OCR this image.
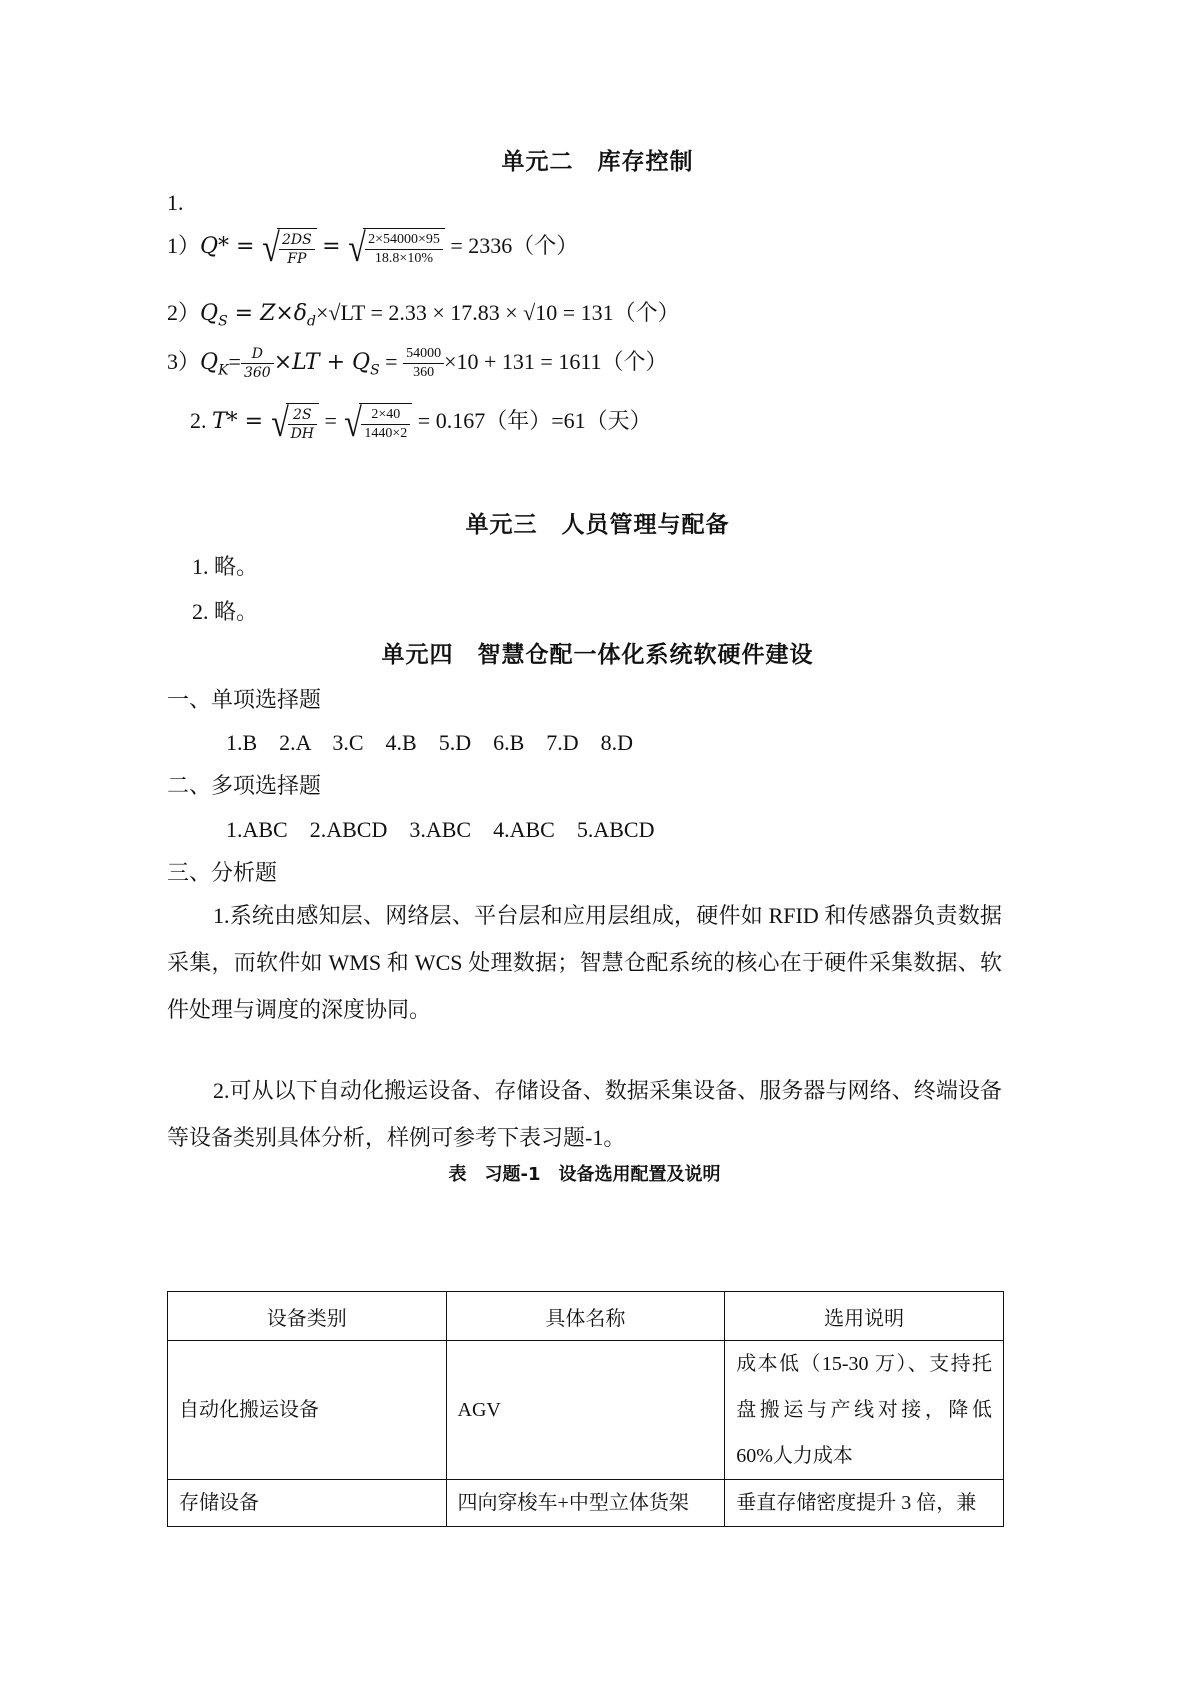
单元二　库存控制
1.
1）Q* = √ $\frac{2DS}{FP}$ = √ $\frac{2\times 54000\times 95}{18.8\times 10\%} = 2336$（个）
$2)Q_S = Z\times\delta_d\times√LT = 2.33 \times 17.83 \times √10 = 131$（个）
$3)Q_K= \frac{D}{360} \times LT + Q_S = \frac{54000}{360} \times 10 + 131 = 1611$（个）
2. T* = √ $\frac{2S}{DH}$ = √ $\frac{2\times 40}{1440\times 2} = 0.167$（年）=61（天）
单元三　人员管理与配备
1. 略。
2. 略。
单元四　智慧仓配一体化系统软硬件建设
一、单项选择题
1.B　2.A　3.C　4.B　5.D　6.B　7.D　8.D
二、多项选择题
1.ABC　2.ABCD　3.ABC　4.ABC　5.ABCD
三、分析题
1.系统由感知层、网络层、平台层和应用层组成，硬件如 RFID 和传感器负责数据采集，而软件如 WMS 和 WCS 处理数据；智慧仓配系统的核心在于硬件采集数据、软件处理与调度的深度协同。
2.可从以下自动化搬运设备、存储设备、数据采集设备、服务器与网络、终端设备等设备类别具体分析，样例可参考下表习题-1。
表　习题-1　设备选用配置及说明
设备类别	具体名称	选用说明
自动化搬运设备	AGV	成本低（15-30 万）、支持托盘搬运与产线对接，降低 60%人力成本
存储设备	四向穿梭车+中型立体货架	垂直存储密度提升 3 倍，兼
